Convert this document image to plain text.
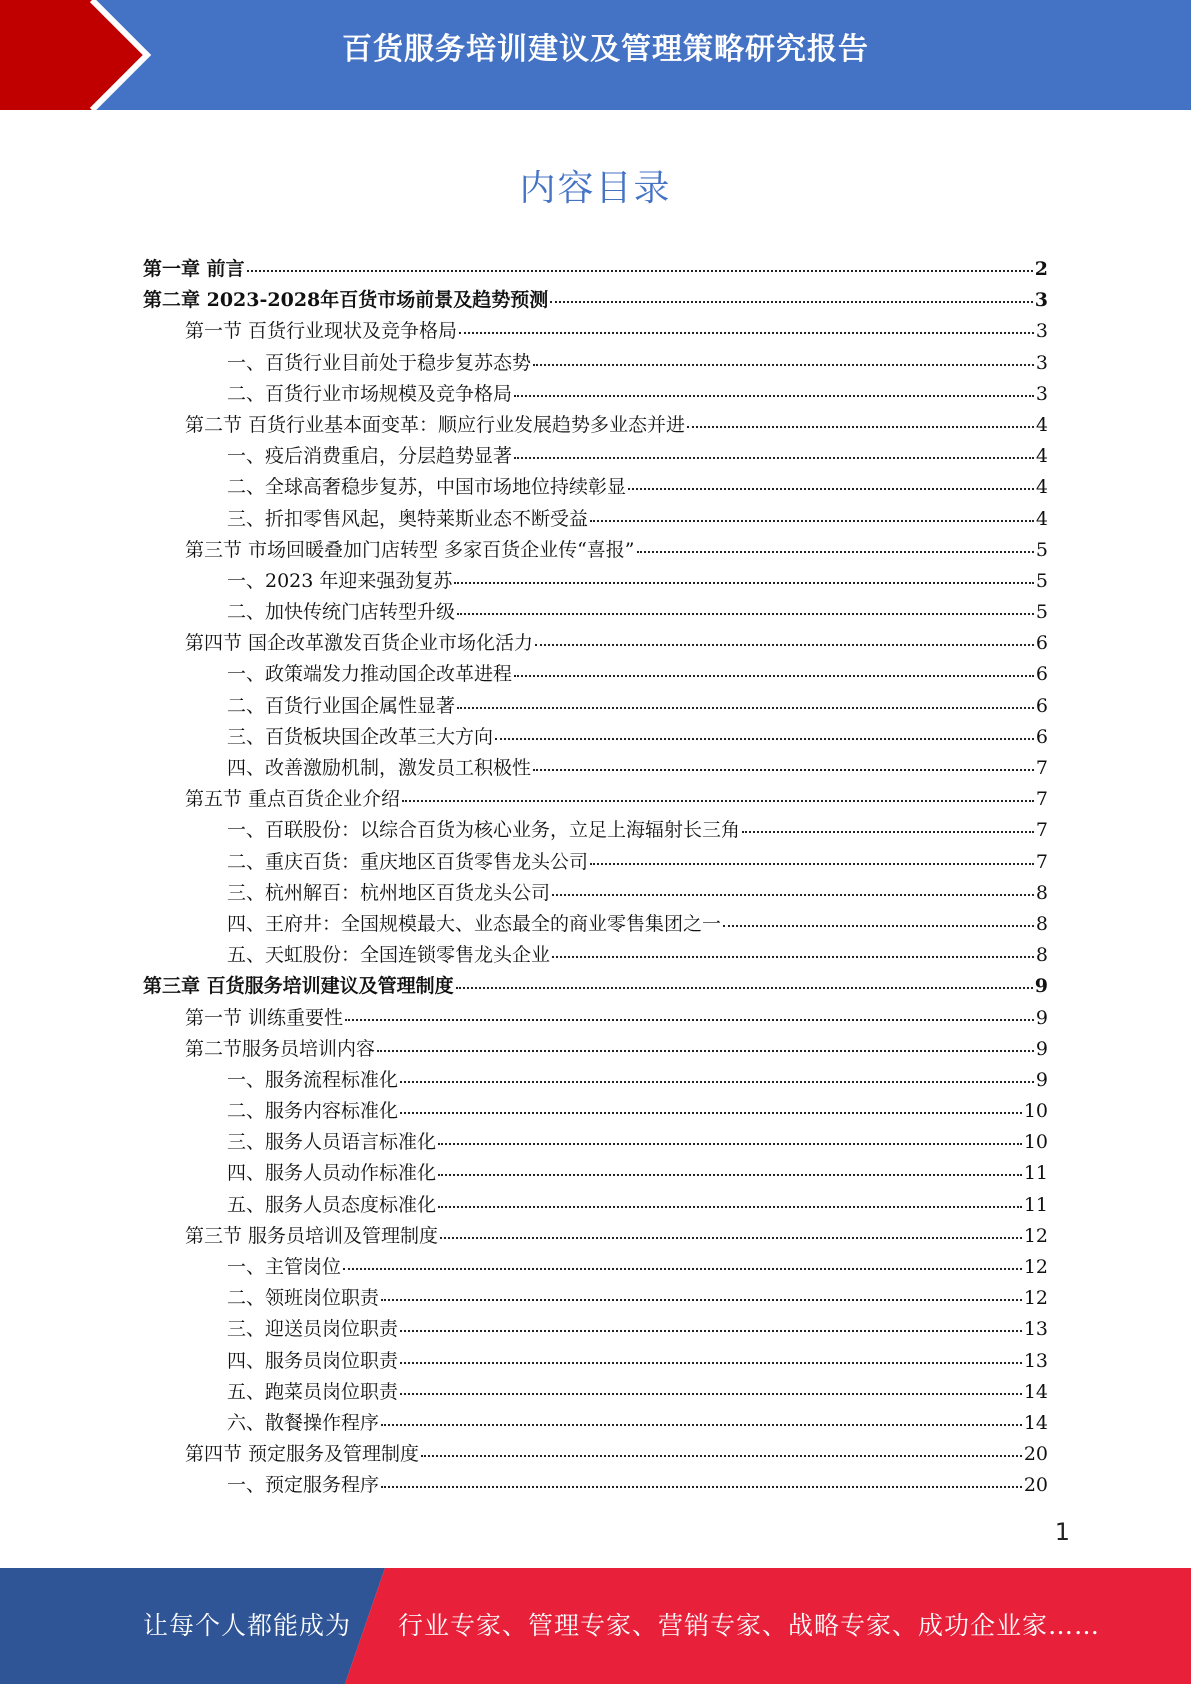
百货服务培训建议及管理策略研究报告
内容目录
第一章 前言	2
第二章 2023-2028年百货市场前景及趋势预测	3
第一节 百货行业现状及竞争格局	3
一、百货行业目前处于稳步复苏态势	3
二、百货行业市场规模及竞争格局	3
第二节 百货行业基本面变革：顺应行业发展趋势多业态并进	4
一、疫后消费重启，分层趋势显著	4
二、全球高奢稳步复苏，中国市场地位持续彰显	4
三、折扣零售风起，奥特莱斯业态不断受益	4
第三节 市场回暖叠加门店转型 多家百货企业传“喜报”	5
一、2023 年迎来强劲复苏	5
二、加快传统门店转型升级	5
第四节 国企改革激发百货企业市场化活力	6
一、政策端发力推动国企改革进程	6
二、百货行业国企属性显著	6
三、百货板块国企改革三大方向	6
四、改善激励机制，激发员工积极性	7
第五节 重点百货企业介绍	7
一、百联股份：以综合百货为核心业务，立足上海辐射长三角	7
二、重庆百货：重庆地区百货零售龙头公司	7
三、杭州解百：杭州地区百货龙头公司	8
四、王府井：全国规模最大、业态最全的商业零售集团之一	8
五、天虹股份：全国连锁零售龙头企业	8
第三章 百货服务培训建议及管理制度	9
第一节 训练重要性	9
第二节服务员培训内容	9
一、服务流程标准化	9
二、服务内容标准化	10
三、服务人员语言标准化	10
四、服务人员动作标准化	11
五、服务人员态度标准化	11
第三节 服务员培训及管理制度	12
一、主管岗位	12
二、领班岗位职责	12
三、迎送员岗位职责	13
四、服务员岗位职责	13
五、跑菜员岗位职责	14
六、散餐操作程序	14
第四节 预定服务及管理制度	20
一、预定服务程序	20
1
让每个人都能成为 行业专家、管理专家、营销专家、战略专家、成功企业家……
